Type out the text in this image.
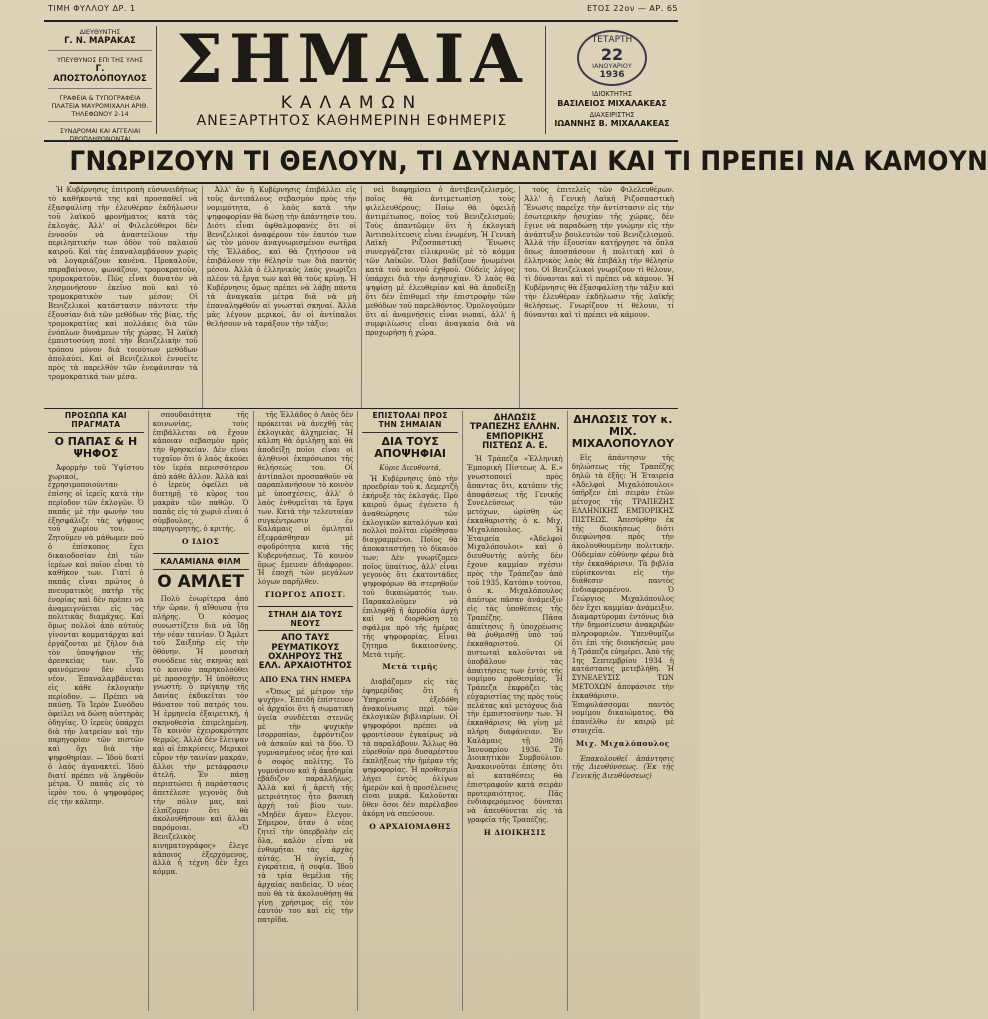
ΤΙΜΗ ΦΥΛΛΟΥ ΔΡ. 1	ΕΤΟΣ 22ον — ΑΡ. 65
ΔΙΕΥΘΥΝΤΗΣ
Γ. Ν. ΜΑΡΑΚΑΣ
ΥΠΕΥΘΥΝΟΣ ΕΠΙ ΤΗΣ ΥΛΗΣ
Γ. ΑΠΟΣΤΟΛΟΠΟΥΛΟΣ
ΓΡΑΦΕΙΑ & ΤΥΠΟΓΡΑΦΕΙΑ
ΠΛΑΤΕΙΑ ΜΑΥΡΟΜΙΧΑΛΗ ΑΡΙΘ. ΤΗΛΕΦΩΝΟΥ 2-14
ΣΥΝΔΡΟΜΑΙ ΚΑΙ ΑΓΓΕΛΙΑΙ
ΠΡΟΠΛΗΡΩΝΟΝΤΑΙ
ΣΗΜΑΙΑ
ΚΑΛΑΜΩΝ
ΑΝΕΞΑΡΤΗΤΟΣ ΚΑΘΗΜΕΡΙΝΗ ΕΦΗΜΕΡΙΣ
ΤΕΤΑΡΤΗ
22
ΙΑΝΟΥΑΡΙΟΥ
1936
ΙΔΙΟΚΤΗΤΗΣ
ΒΑΣΙΛΕΙΟΣ ΜΙΧΑΛΑΚΕΑΣ
ΔΙΑΧΕΙΡΙΣΤΗΣ
ΙΩΑΝΝΗΣ Β. ΜΙΧΑΛΑΚΕΑΣ
ΓΝΩΡΙΖΟΥΝ ΤΙ ΘΕΛΟΥΝ, ΤΙ ΔΥΝΑΝΤΑΙ ΚΑΙ ΤΙ ΠΡΕΠΕΙ ΝΑ ΚΑΜΟΥΝ

Ἡ Κυβέρνησις ἐπιτροπὴ εὐσυνειδήτως τὸ καθήκοντά της καὶ προσπαθεῖ νὰ ἐξασφαλίσῃ τὴν ἐλευθέραν ἐκδήλωσιν τοῦ λαϊκοῦ φρονήματος κατὰ τὰς ἐκλογάς. Ἀλλ' οἱ Φιλελεύθεροι δὲν ἐννοοῦν νὰ ἀναστείλουν τὴν περιληπτικήν των ὁδὸν τοῦ παλαιοῦ καιροῦ. Καὶ τὰς ἐπαναλαμβάνουν χωρὶς νὰ λογαριάζουν κανένα. Προκαλοῦν, παραβαίνουν, φωνάζουν, τρομοκρατοῦν, τρομοκρατοῦν. Πῶς εἶναι δυνατὸν νὰ λησμονήσουν ἐκεῖνο ποὺ καὶ τὸ τρομοκρατικὸν των μέσον; Οἱ Βενιζελικοὶ κατάστασιν πάντοτε τὴν ἐξουσίαν διὰ τῶν μεθόδων τῆς βίας, τῆς τρομοκρατίας καὶ πολλάκις διὰ τῶν ἐνόπλων δυνάμεων τῆς χώρας. Ἡ λαϊκὴ ἐμπιστοσύνη ποτὲ τὴν Βενιζελικὴν τοῦ τρόπου μόνον διὰ τοιούτων μεθόδων ἀπολαύει. Καὶ οἱ Βενιζελικοὶ ἐννοεῖτε πρὸς τὰ παρελθὸν τῶν ἐνεφάνισαν τὰ τρομοκρατικά των μέσα.

Ἀλλ' ἂν ἡ Κυβέρνησις ἐπιβάλλει εἰς τοὺς ἀντιπάλους σεβασμὸν πρὸς τὴν νομιμότητα, ὁ λαὸς κατὰ τὴν ψηφοφορίαν θὰ δώσῃ τὴν ἀπάντησίν του. Διότι εἶναι ὀφθαλμοφανὲς ὅτι οἱ Βενιζελικοὶ ἀναφέρουν τὸν ἑαυτόν των ὡς τὸν μόνον ἀναγνωρισμένον σωτῆρα τῆς Ἑλλάδος, καὶ θὰ ζητήσουν νὰ ἐπιβάλουν τὴν θέλησίν των διὰ παντὸς μέσου. Ἀλλὰ ὁ ἑλληνικὸς λαὸς γνωρίζει πλέον τὰ ἔργα των καὶ θὰ τοὺς κρίνῃ. Ἡ Κυβέρνησις ὅμως πρέπει νὰ λάβῃ πάντα τὰ ἀναγκαῖα μέτρα διὰ νὰ μὴ ἐπαναληφθοῦν αἱ γνωσταὶ σκηναί. Ἀλλὰ μᾶς λέγουν μερικοί, ἂν οἱ ἀντίπαλοι θελήσουν νὰ ταράξουν τὴν τάξιν;

νεὶ διαφημίσει ὁ ἀντιβενιζελισμός, ποῖος θὰ ἀντιμετωπίσῃ τοὺς φιλελευθέρους; Ποίῳ θὰ ὀφειλῇ ἀντιμέτωπος, ποῖος τοῦ Βενιζελισμοῦ; Τοὺς ἀπαντῶμεν ὅτι ἡ ἐκλογικὴ Ἀντιπολίτευσις εἶναι ἑνωμένη. Ἡ Γενικὴ Λαϊκὴ Ριζοσπαστικὴ Ἕνωσις συνεργάζεται εἰλικρινῶς μὲ τὸ κόμμα τῶν Λαϊκῶν. Ὅλοι βαδίζουν ἡνωμένοι κατὰ τοῦ κοινοῦ ἐχθροῦ. Οὐδεὶς λόγος ὑπάρχει διὰ τὴν ἀνησυχίαν. Ὁ λαὸς θὰ ψηφίσῃ μὲ ἐλευθερίαν καὶ θὰ ἀποδείξῃ ὅτι δὲν ἐπιθυμεῖ τὴν ἐπιστροφὴν τῶν μεθόδων τοῦ παρελθόντος. Ὁμολογοῦμεν ὅτι αἱ ἀναμνήσεις εἶναι νωπαί, ἀλλ' ἡ συμφιλίωσις εἶναι ἀναγκαία διὰ νὰ προχωρήσῃ ἡ χώρα.

τοὺς ἐπιτελεῖς τῶν Φιλελευθέρων. Ἀλλ' ἡ Γενικὴ Λαϊκὴ Ριζοσπαστικὴ Ἕνωσις παρεῖχε τὴν ἀντίστασιν εἰς τὴν ἐσωτερικὴν ἡσυχίαν τῆς χώρας, δὲν ἔγινε νὰ παραδώσῃ τὴν γνώμην εἰς τὴν ἀνάπτυξιν βουλευτῶν τοῦ Βενιζελισμοῦ. Ἀλλὰ τὴν ἐξουσίαν κατῄργησε τὰ ὅπλα ὅπως ἀποσπάσουν ἡ πολιτικὴ καὶ ὁ ἑλληνικὸς λαὸς θὰ ἐπιβάλῃ τὴν θέλησίν του. Οἱ Βενιζελικοὶ γνωρίζουν τὶ θέλουν, τὶ δύνανται καὶ τὶ πρέπει νὰ κάμουν. Ἡ Κυβέρνησις θὰ ἐξασφαλίσῃ τὴν τάξιν καὶ τὴν ἐλευθέραν ἐκδήλωσιν τῆς λαϊκῆς θελήσεως. Γνωρίζουν τί θέλουν, τί δύνανται καὶ τί πρέπει νὰ κάμουν.

ΠΡΟΣΩΠΑ ΚΑΙ ΠΡΑΓΜΑΤΑ
Ο ΠΑΠΑΣ & Η ΨΗΦΟΣ

Ἀφορμὴν τοῦ Ὑψίστου χωρικοί, ἐχρησιμοποιούνταν ἐπίσης οἱ ἱερεῖς κατὰ τὴν περίοδον τῶν ἐκλογῶν. Ὁ παπᾶς μὲ τὴν φωνὴν του ἐξησφάλιζε τὰς ψήφους τοῦ χωρίου του. — Ζητοῦμεν νὰ μάθωμεν ποῦ ὁ ἐπίσκοπος ἔχει δικαιοδοσίαν ἐπὶ τῶν ἱερέων καὶ ποῖον εἶναι τὸ καθῆκον των. Γιατί ὁ παπᾶς εἶναι πρώτος ὁ πνευματικὸς πατὴρ τῆς ἐνορίας καὶ δὲν πρέπει νὰ ἀναμειγνύεται εἰς τὰς πολιτικὰς διαμάχας. Καὶ ὅμως πολλοὶ ἀπὸ αὐτοὺς γίνονται κομματάρχαι καὶ ἐργάζονται μὲ ζῆλον διὰ τὸν ὑποψήφιον τῆς ἀρεσκείας των. Τὸ φαινόμενον δὲν εἶναι νέον. Ἐπαναλαμβάνεται εἰς κάθε ἐκλογικὴν περίοδον. — Πρέπει νὰ παύσῃ. Τὸ Ἱερὸν Συνόδου ὀφείλει νὰ δώσῃ αὐστηρὰς ὁδηγίας. Ὁ ἱερεὺς ὑπάρχει διὰ τὴν λατρείαν καὶ τὴν παρηγορίαν τῶν πιστῶν καὶ ὄχι διὰ τὴν ψηφοθηρίαν. — Ἰδοὺ διατί ὁ λαὸς ἀγανακτεῖ. Ἰδοὺ διατί πρέπει νὰ ληφθοῦν μέτρα. Ὁ παπᾶς εἰς τὸ ἱερὸν του, ὁ ψηφοφόρος εἰς τὴν κάλπην.

σπουδαιότητα τῆς κοινωνίας, τοὺς ἐπιβάλλεται νὰ ἔχουν κάποιαν σεβασμὸν πρὸς τὴν θρησκείαν. Δὲν εἶναι τυχαῖον ὅτι ὁ λαὸς ἀκούει τὸν ἱερέα περισσότερον ἀπὸ κάθε ἄλλον. Ἀλλὰ καὶ ὁ ἱερεὺς ὀφείλει νὰ διατηρῇ τὸ κῦρος του μακρὰν τῶν παθῶν. Ὁ παπᾶς εἰς τὸ χωριὸ εἶναι ὁ σύμβουλος, ὁ παρηγορητής, ὁ κριτής.

Ο ΙΔΙΟΣ
ΚΑΛΑΜΙΑΝΑ ΦΙΛΜ
Ο ΑΜΛΕΤ

Πολὺ ἐνωρίτερα ἀπὸ τὴν ὥραν, ἡ αἴθουσα ἦτο πλήρης. Ὁ κόσμος συνωστίζετο διὰ νὰ ἴδῃ τὴν νέαν ταινίαν. Ὁ Ἄμλετ τοῦ Σαιξπὴρ εἰς τὴν ὀθόνην. Ἡ μουσικὴ συνόδευε τὰς σκηνὰς καὶ τὸ κοινὸν παρηκολούθει μὲ προσοχήν. Ἡ ὑπόθεσις γνωστή: ὁ πρίγκηψ τῆς Δανίας ἐκδικεῖται τὸν θάνατον τοῦ πατρός του. Ἡ ἑρμηνεία ἐξαιρετική, ἡ σκηνοθεσία ἐπιμελημένη. Τὸ κοινὸν ἐχειροκρότησε θερμῶς. Ἀλλὰ δὲν ἔλειψαν καὶ αἱ ἐπικρίσεις. Μερικοὶ εὗρον τὴν ταινίαν μακράν, ἄλλοι τὴν μετάφρασιν ἀτελῆ. Ἐν πάσῃ περιπτώσει ἡ παράστασις ἀπετέλεσε γεγονὸς διὰ τὴν πόλιν μας, καὶ ἐλπίζομεν ὅτι θὰ ἀκολουθήσουν καὶ ἄλλαι παρόμοιαι. «Ὁ Βενιζελικὸς κινηματογράφος» ἔλεγε κάποιος ἐξερχόμενος, ἀλλὰ ἡ τέχνη δὲν ἔχει κόμμα.

τῆς Ἑλλάδος ὁ Λαὸς δὲν πρόκειται νὰ ἀνεχθῇ τὰς ἐκλογικὰς ἀλχημείας. Ἡ κάλπη θὰ ὁμιλήσῃ καὶ θὰ ἀποδείξῃ ποῖοι εἶναι οἱ ἀληθινοὶ ἐκπρόσωποι τῆς θελήσεώς του. Οἱ ἀντίπαλοι προσπαθοῦν νὰ παραπλανήσουν τὸ κοινὸν μὲ ὑποσχέσεις, ἀλλ' ὁ λαὸς ἐνθυμεῖται τὰ ἔργα των. Κατὰ τὴν τελευταίαν συγκέντρωσιν ἐν Καλάμαις οἱ ὁμιληταὶ ἐξεφράσθησαν μὲ σφοδρότητα κατὰ τῆς Κυβερνήσεως. Τὸ κοινὸν ὅμως ἔμεινεν ἀδιάφορον. Ἡ ἐποχὴ τῶν μεγάλων λόγων παρῆλθεν.

ΓΙΩΡΓΟΣ ΑΠΟΣΤ.
ΣΤΗΛΗ ΔΙΑ ΤΟΥΣ ΝΕΟΥΣ
ΑΠΟ ΤΑΥΣ ΡΕΥΜΑΤΙΚΟΥΣ ΟΧΛΗΡΟΥΣ ΤΗΣ ΕΛΛ. ΑΡΧΑΙΟΤΗΤΟΣ
ΑΠΟ ΕΝΑ ΤΗΝ ΗΜΕΡΑ

«Ὅπως μὲ μέτρον τὴν ψυχήν». Ἐπειδὴ ἐπίστευον οἱ ἀρχαῖοι ὅτι ἡ σωματικὴ ὑγεία συνδέεται στενῶς μὲ τὴν ψυχικὴν ἰσορροπίαν, ἐφρόντιζον νὰ ἀσκοῦν καὶ τὰ δύο. Ὁ γυμνασμένος νέος ἦτο καὶ ὁ σοφὸς πολίτης. Τὸ γυμνάσιον καὶ ἡ ἀκαδημία ἐβάδιζον παραλλήλως. Ἀλλὰ καὶ ἡ ἀρετὴ τῆς μετριότητος ἦτο βασικὴ ἀρχὴ τοῦ βίου των. «Μηδὲν ἄγαν» ἔλεγον. Σήμερον, ὅταν ὁ νέος ζητεῖ τὴν ὑπερβολὴν εἰς ὅλα, καλὸν εἶναι νὰ ἐνθυμῆται τὰς ἀρχὰς αὐτάς. Ἡ ὑγεία, ἡ ἐγκράτεια, ἡ σοφία. Ἰδοὺ τὰ τρία θεμέλια τῆς ἀρχαίας παιδείας. Ὁ νέος ποὺ θὰ τὰ ἀκολουθήσῃ θὰ γίνῃ χρήσιμος εἰς τὸν ἑαυτόν του καὶ εἰς τὴν πατρίδα.

ΕΠΙΣΤΟΛΑΙ ΠΡΟΣ ΤΗΝ ΣΗΜΑΙΑΝ
ΔΙΑ ΤΟΥΣ ΑΠΟΨΗΦΙΑΙ
Κύριε Διευθυντά,

Ἡ Κυβέρνησις ὑπὸ τὴν προεδρίαν τοῦ κ. Δεμερτζῆ ἐκήρυξε τὰς ἐκλογάς. Πρὸ καιροῦ ὅμως ἐγένετο ἡ ἀναθεώρησις τῶν ἐκλογικῶν καταλόγων καὶ πολλοὶ πολῖται εὑρέθησαν διαγραμμένοι. Ποῖος θὰ ἀποκαταστήσῃ τὸ δίκαιόν των; Δὲν γνωρίζομεν ποῖος ὑπαίτιος, ἀλλ' εἶναι γεγονὸς ὅτι ἑκατοντάδες ψηφοφόρων θὰ στερηθοῦν τοῦ δικαιώματός των. Παρακαλοῦμεν νὰ ἐπιληφθῇ ἡ ἁρμοδία ἀρχὴ καὶ νὰ διορθώσῃ τὸ σφάλμα πρὸ τῆς ἡμέρας τῆς ψηφοφορίας. Εἶναι ζήτημα δικαιοσύνης. Μετὰ τιμῆς.

Μετὰ τιμῆς

Διαβάζομεν εἰς τὰς ἐφημερίδας ὅτι ἡ Ὑπηρεσία ἐξεδόθη ἀνακοίνωσις περὶ τῶν ἐκλογικῶν βιβλιαρίων. Οἱ ψηφοφόροι πρέπει νὰ φροντίσουν ἐγκαίρως νὰ τὰ παραλάβουν. Ἄλλως θὰ εὑρεθοῦν πρὸ δυσαρέστου ἐκπλήξεως τὴν ἡμέραν τῆς ψηφοφορίας. Ἡ προθεσμία λήγει ἐντὸς ὀλίγων ἡμερῶν καὶ ἡ προσέλευσις εἶναι μικρά. Καλοῦνται ὅθεν ὅσοι δὲν παρέλαβον ἀκόμη νὰ σπεύσουν.

Ο ΑΡΧΑΙΟΜΑΘΗΣ
ΔΗΛΩΣΙΣ ΤΡΑΠΕΖΗΣ ΕΛΛΗΝ. ΕΜΠΟΡΙΚΗΣ ΠΙΣΤΕΩΣ Α. Ε.

Ἡ Τράπεζα «Ἑλληνικὴ Ἐμπορικὴ Πίστεως Α. Ε.» γνωστοποιεῖ πρὸς ἅπαντας ὅτι, κατόπιν τῆς ἀποφάσεως τῆς Γενικῆς Συνελεύσεως τῶν μετόχων, ὡρίσθη ὡς ἐκκαθαριστὴς ὁ κ. Μιχ. Μιχαλόπουλος. Ἡ Ἐταιρεία «Ἀδελφοὶ Μιχαλόπουλοι» καὶ ὁ διευθυντὴς αὐτῆς δὲν ἔχουν καμμίαν σχέσιν πρὸς τὴν Τράπεζαν ἀπὸ τοῦ 1935. Κατόπιν τούτου, ὁ κ. Μιχαλόπουλος ἀπέσυρε πᾶσαν ἀνάμειξιν εἰς τὰς ὑποθέσεις τῆς Τραπέζης. Πᾶσα ἀπαίτησις ἢ ὑποχρέωσις θὰ ῥυθμισθῇ ὑπὸ τοῦ ἐκκαθαριστοῦ. Οἱ πιστωταὶ καλοῦνται νὰ ὑποβάλουν τὰς ἀπαιτήσεις των ἐντὸς τῆς νομίμου προθεσμίας. Ἡ Τράπεζα ἐκφράζει τὰς εὐχαριστίας της πρὸς τοὺς πελάτας καὶ μετόχους διὰ τὴν ἐμπιστοσύνην των. Ἡ ἐκκαθάρισις θὰ γίνῃ μὲ πλήρη διαφάνειαν. Ἐν Καλάμαις τῇ 20ῇ Ἰανουαρίου 1936. Τὸ Διοικητικὸν Συμβούλιον. Ἀνακοινοῦται ἐπίσης ὅτι αἱ καταθέσεις θὰ ἐπιστραφοῦν κατὰ σειρὰν προτεραιότητος. Πᾶς ἐνδιαφερόμενος δύναται νὰ ἀπευθύνεται εἰς τὰ γραφεῖα τῆς Τραπέζης.

Η ΔΙΟΙΚΗΣΙΣ
ΔΗΛΩΣΙΣ ΤΟΥ κ. ΜΙΧ. ΜΙΧΑΛΟΠΟΥΛΟΥ

Εἰς ἀπάντησιν τῆς δηλώσεως τῆς Τραπέζης δηλῶ τὰ ἑξῆς: Ἡ Ἐταιρεία «Ἀδελφοὶ Μιχαλόπουλοι» ὑπῆρξεν ἐπὶ σειρὰν ἐτῶν μέτοχος τῆς ΤΡΑΠΕΖΗΣ ΕΛΛΗΝΙΚΗΣ ΕΜΠΟΡΙΚΗΣ ΠΙΣΤΕΩΣ. Ἀπεσύρθην ἐκ τῆς διοικήσεως διότι διεφώνησα πρὸς τὴν ἀκολουθουμένην πολιτικήν. Οὐδεμίαν εὐθύνην φέρω διὰ τὴν ἐκκαθάρισιν. Τὰ βιβλία εὑρίσκονται εἰς τὴν διάθεσιν παντὸς ἐνδιαφερομένου. Ὁ Γεώργιος Μιχαλόπουλος δὲν ἔχει καμμίαν ἀνάμειξιν. Διαμαρτύρομαι ἐντόνως διὰ τὴν δημοσίευσιν ἀνακριβῶν πληροφοριῶν. Ὑπενθυμίζω ὅτι ἐπὶ τῆς διοικήσεώς μου ἡ Τράπεζα εὐημέρει. Ἀπὸ τῆς 1ης Σεπτεμβρίου 1934 ἡ κατάστασις μετεβλήθη. Ἡ ΣΥΝΕΛΕΥΣΙΣ ΤΩΝ ΜΕΤΟΧΩΝ ἀπεφάσισε τὴν ἐκκαθάρισιν. Ἐπιφυλάσσομαι παντὸς νομίμου δικαιώματος. Θὰ ἐπανέλθω ἐν καιρῷ μὲ στοιχεῖα.

Μιχ. Μιχαλόπουλος

Ἐπακολουθεῖ ἀπάντησις τῆς Διευθύνσεως. (Ἐκ τῆς Γενικῆς Διευθύνσεως)
